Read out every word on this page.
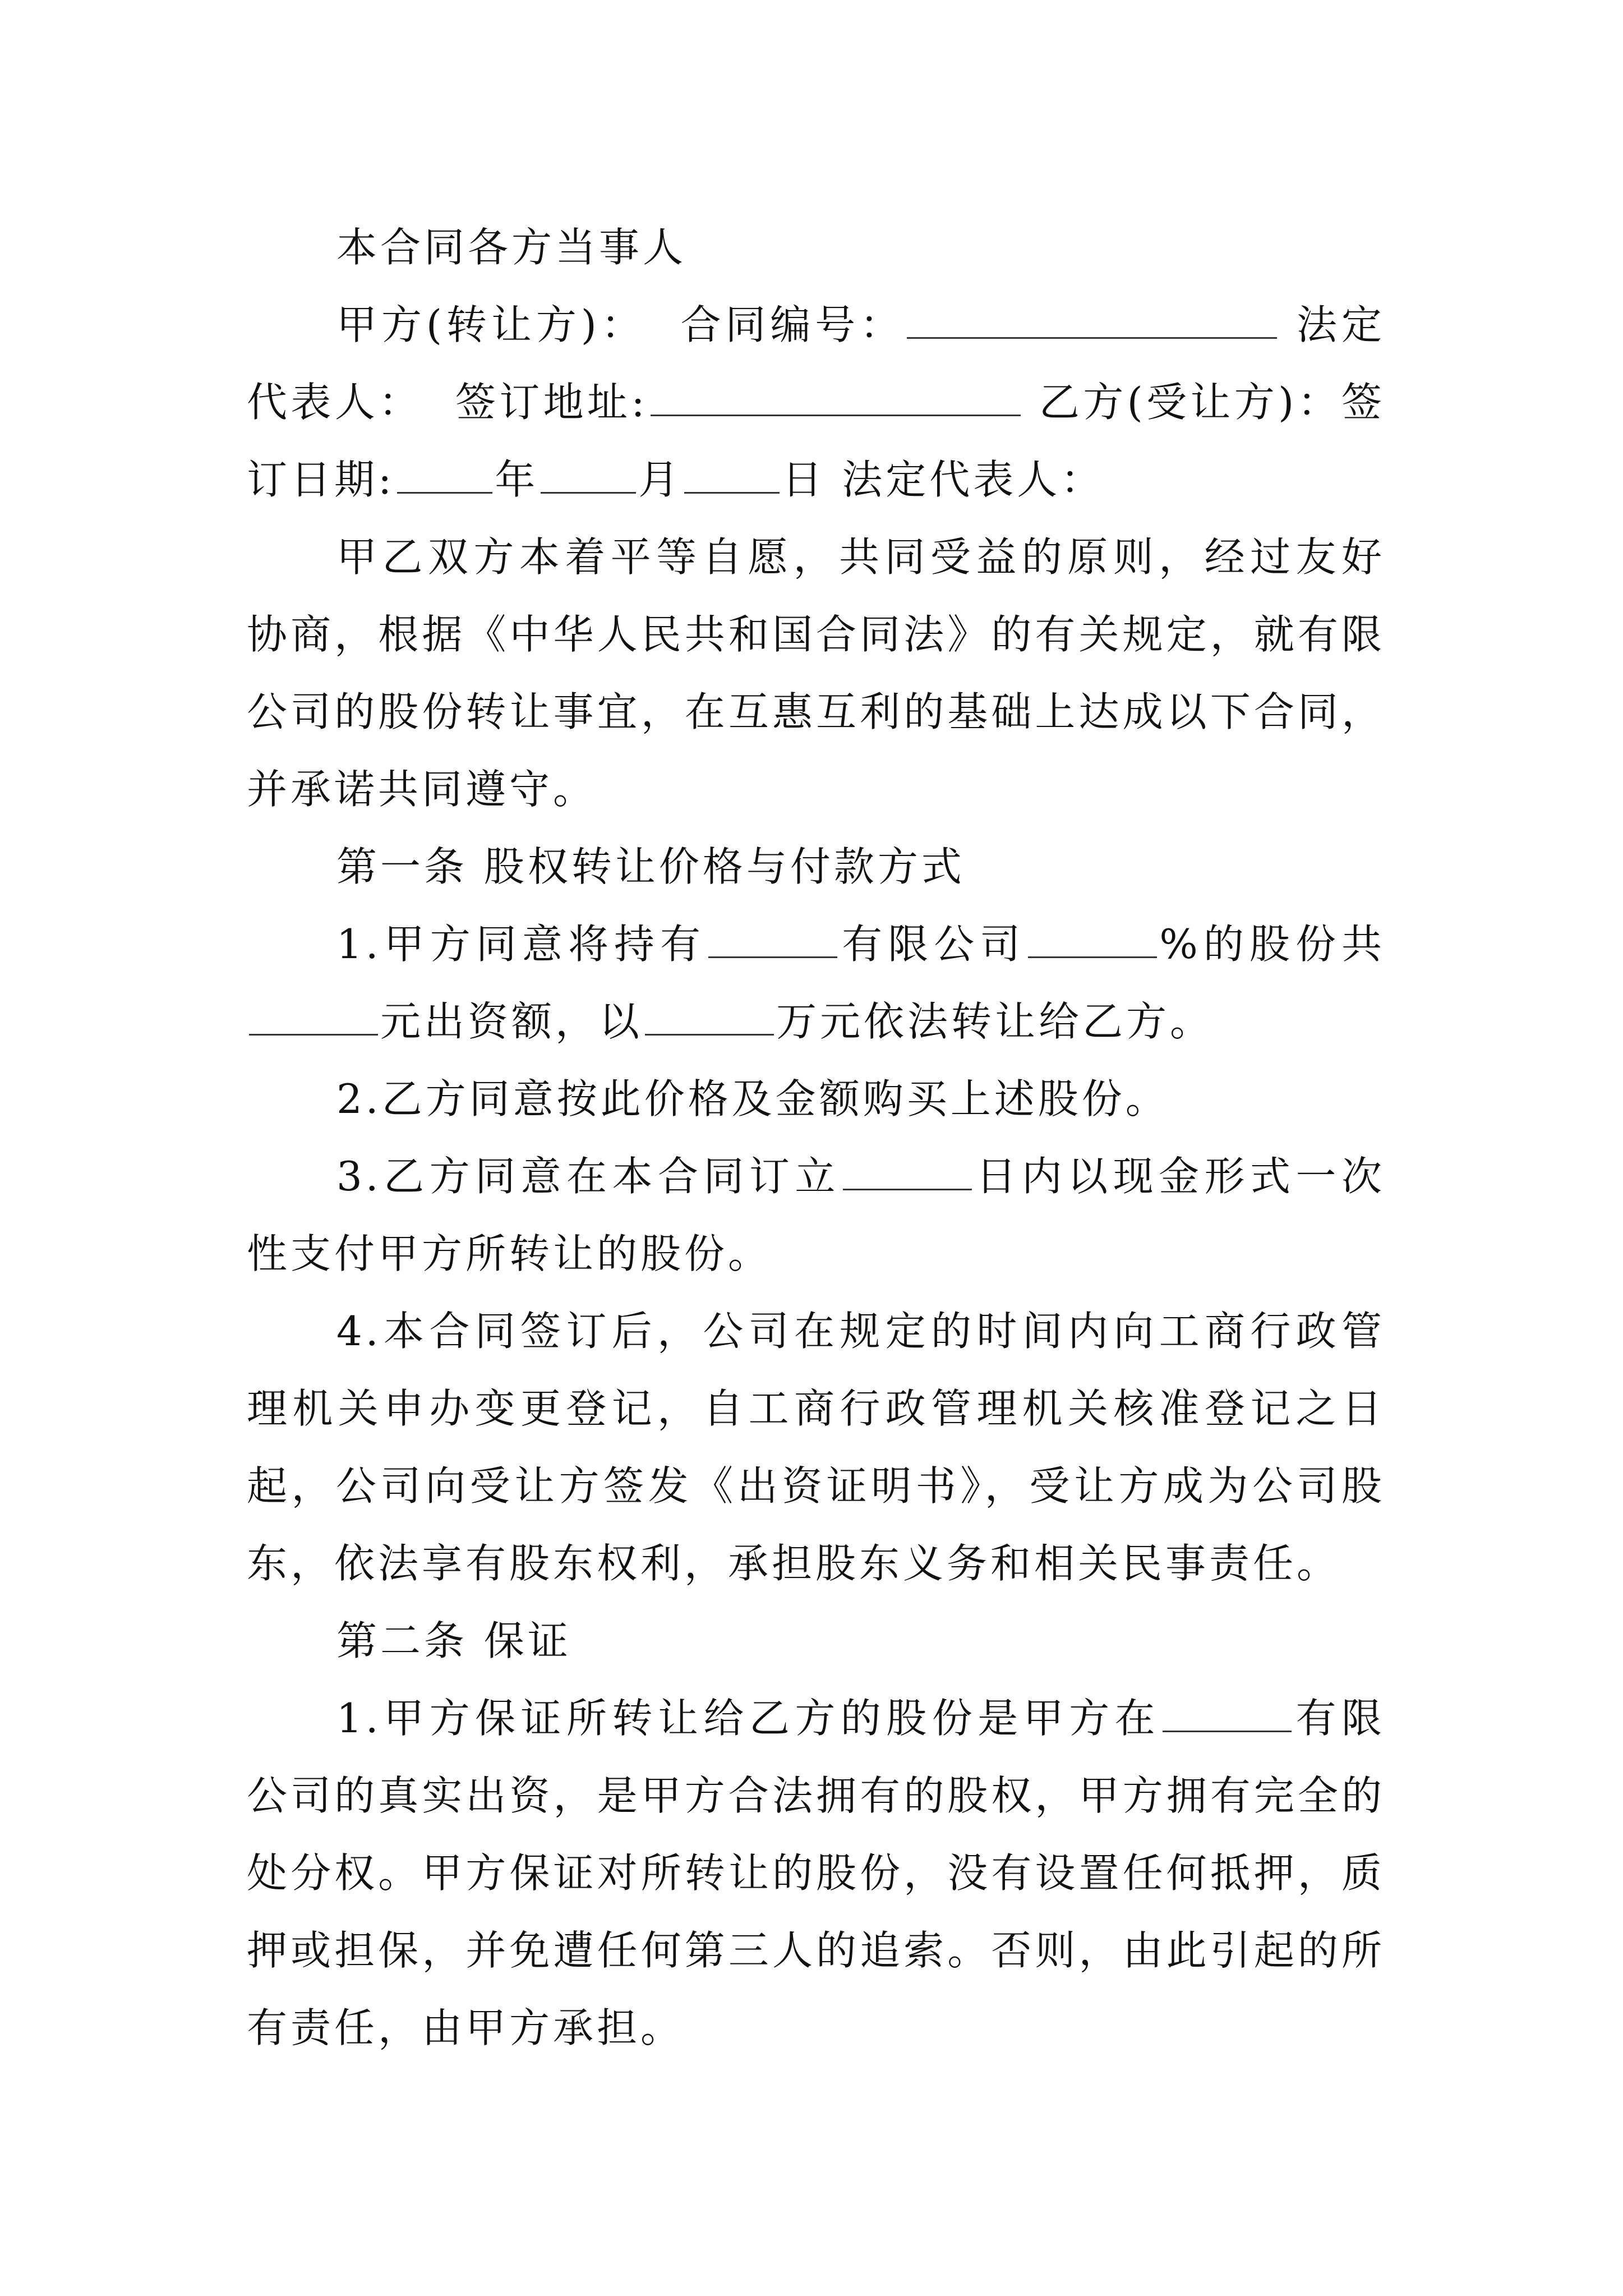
本合同各方当事人

甲方(转让方)： 合同编号：	法定代表人： 签订地址:	乙方(受让方)：签订日期: 年 月 日 法定代表人：

甲乙双方本着平等自愿，共同受益的原则，经过友好协商，根据《中华人民共和国合同法》的有关规定，就有限公司的股份转让事宜，在互惠互利的基础上达成以下合同，并承诺共同遵守。

第一条 股权转让价格与付款方式

1.甲方同意将持有	有限公司	%的股份共元出资额，以	万元依法转让给乙方。

2.乙方同意按此价格及金额购买上述股份。

3.乙方同意在本合同订立	日内以现金形式一次性支付甲方所转让的股份。

4.本合同签订后，公司在规定的时间内向工商行政管理机关申办变更登记，自工商行政管理机关核准登记之日起，公司向受让方签发《出资证明书》，受让方成为公司股东，依法享有股东权利，承担股东义务和相关民事责任。

第二条 保证

1.甲方保证所转让给乙方的股份是甲方在	有限公司的真实出资，是甲方合法拥有的股权，甲方拥有完全的处分权。甲方保证对所转让的股份，没有设置任何抵押，质押或担保，并免遭任何第三人的追索。否则，由此引起的所有责任，由甲方承担。
